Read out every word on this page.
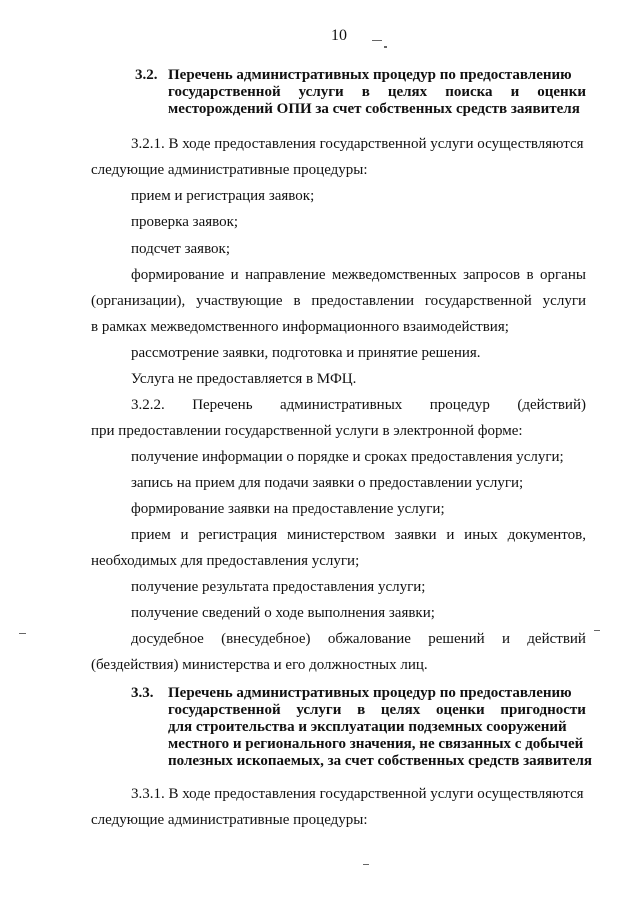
10
3.2. Перечень административных процедур по предоставлению
государственной услуги в целях поиска и оценки
месторождений ОПИ за счет собственных средств заявителя
3.2.1. В ходе предоставления государственной услуги осуществляются
следующие административные процедуры:
прием и регистрация заявок;
проверка заявок;
подсчет заявок;
формирование и направление межведомственных запросов в органы
(организации), участвующие в предоставлении государственной услуги
в рамках межведомственного информационного взаимодействия;
рассмотрение заявки, подготовка и принятие решения.
Услуга не предоставляется в МФЦ.
3.2.2. Перечень административных процедур (действий)
при предоставлении государственной услуги в электронной форме:
получение информации о порядке и сроках предоставления услуги;
запись на прием для подачи заявки о предоставлении услуги;
формирование заявки на предоставление услуги;
прием и регистрация министерством заявки и иных документов,
необходимых для предоставления услуги;
получение результата предоставления услуги;
получение сведений о ходе выполнения заявки;
досудебное (внесудебное) обжалование решений и действий
(бездействия) министерства и его должностных лиц.
3.3. Перечень административных процедур по предоставлению
государственной услуги в целях оценки пригодности
для строительства и эксплуатации подземных сооружений
местного и регионального значения, не связанных с добычей
полезных ископаемых, за счет собственных средств заявителя
3.3.1. В ходе предоставления государственной услуги осуществляются
следующие административные процедуры:
